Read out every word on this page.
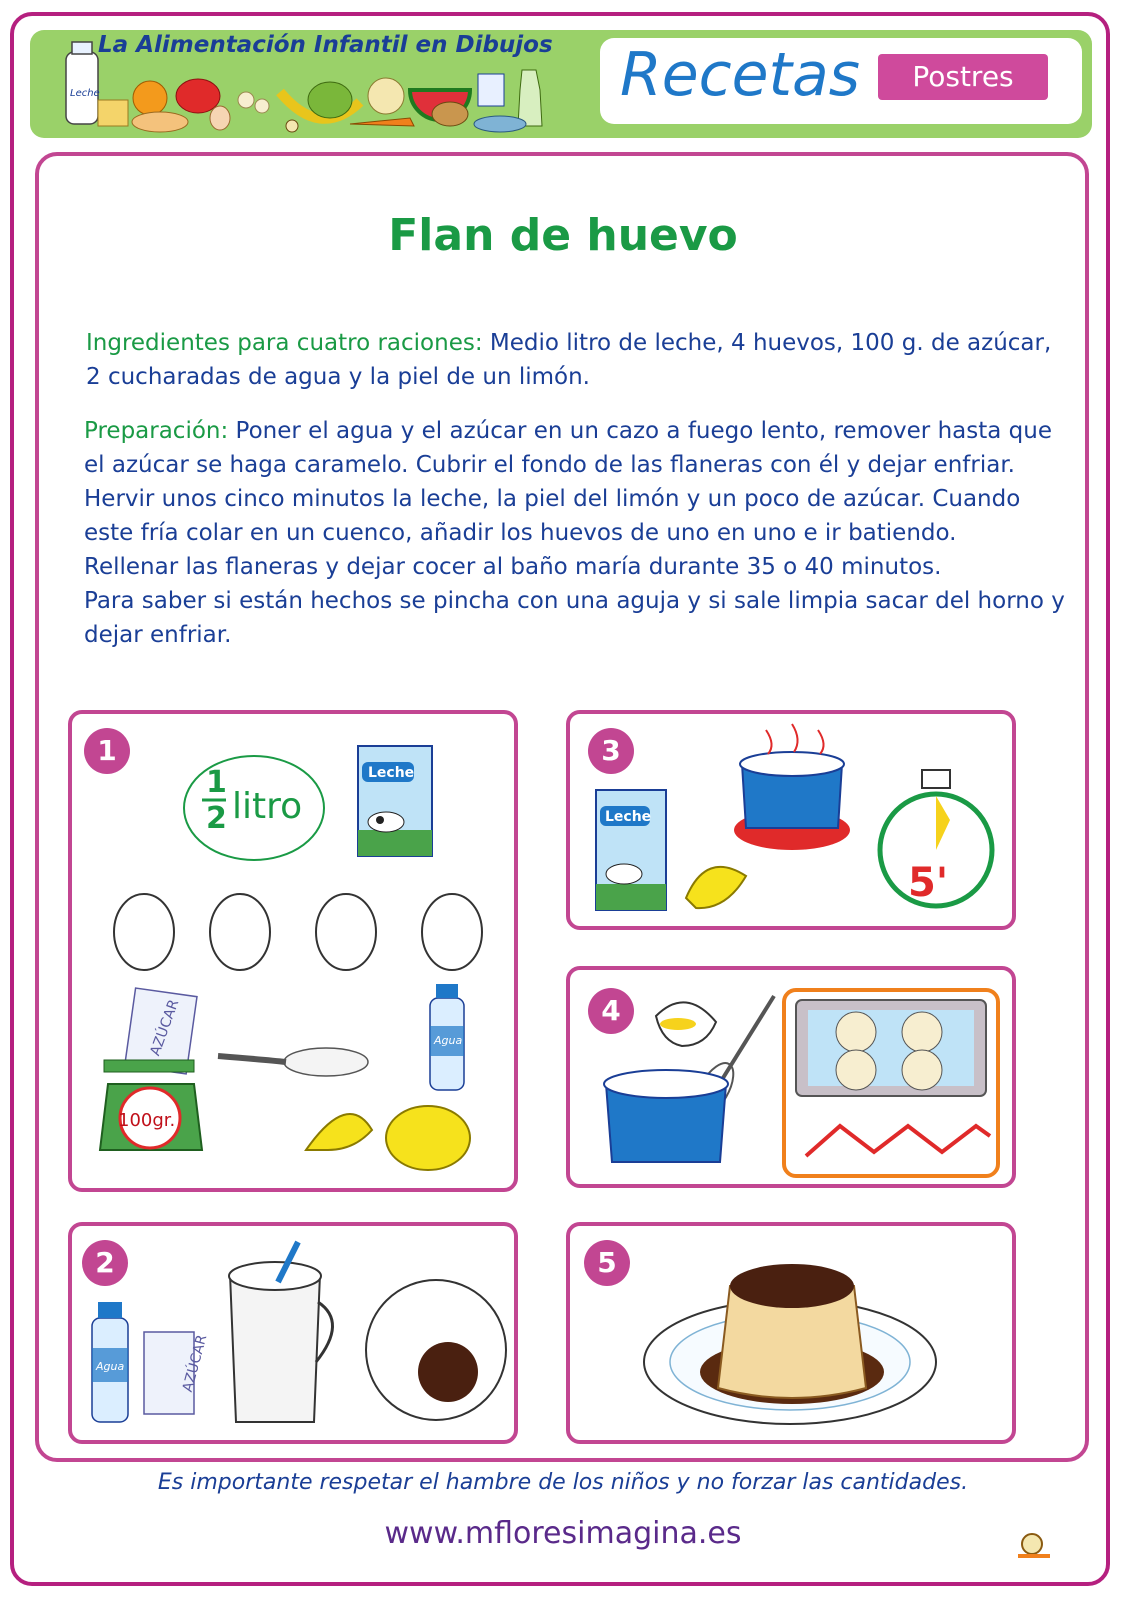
La Alimentación Infantil en Dibujos
Leche	Recetas	Postres
Flan de huevo
Ingredientes para cuatro raciones: Medio litro de leche, 4 huevos, 100 g. de azúcar,
2 cucharadas de agua y la piel de un limón.
Preparación: Poner el agua y el azúcar en un cazo a fuego lento, remover hasta que
el azúcar se haga caramelo. Cubrir el fondo de las flaneras con él y dejar enfriar.
Hervir unos cinco minutos la leche, la piel del limón y un poco de azúcar. Cuando
este fría colar en un cuenco, añadir los huevos de uno en uno e ir batiendo.
Rellenar las flaneras y dejar cocer al baño maría durante 35 o 40 minutos.
Para saber si están hechos se pincha con una aguja y si sale limpia sacar del horno y
dejar enfriar.
1
1
2 litro
Leche
AZÚCAR
100gr.
Agua
2
Agua	AZÚCAR
3
Leche
5'
4
5
Es importante respetar el hambre de los niños y no forzar las cantidades.
www.mfloresimagina.es
